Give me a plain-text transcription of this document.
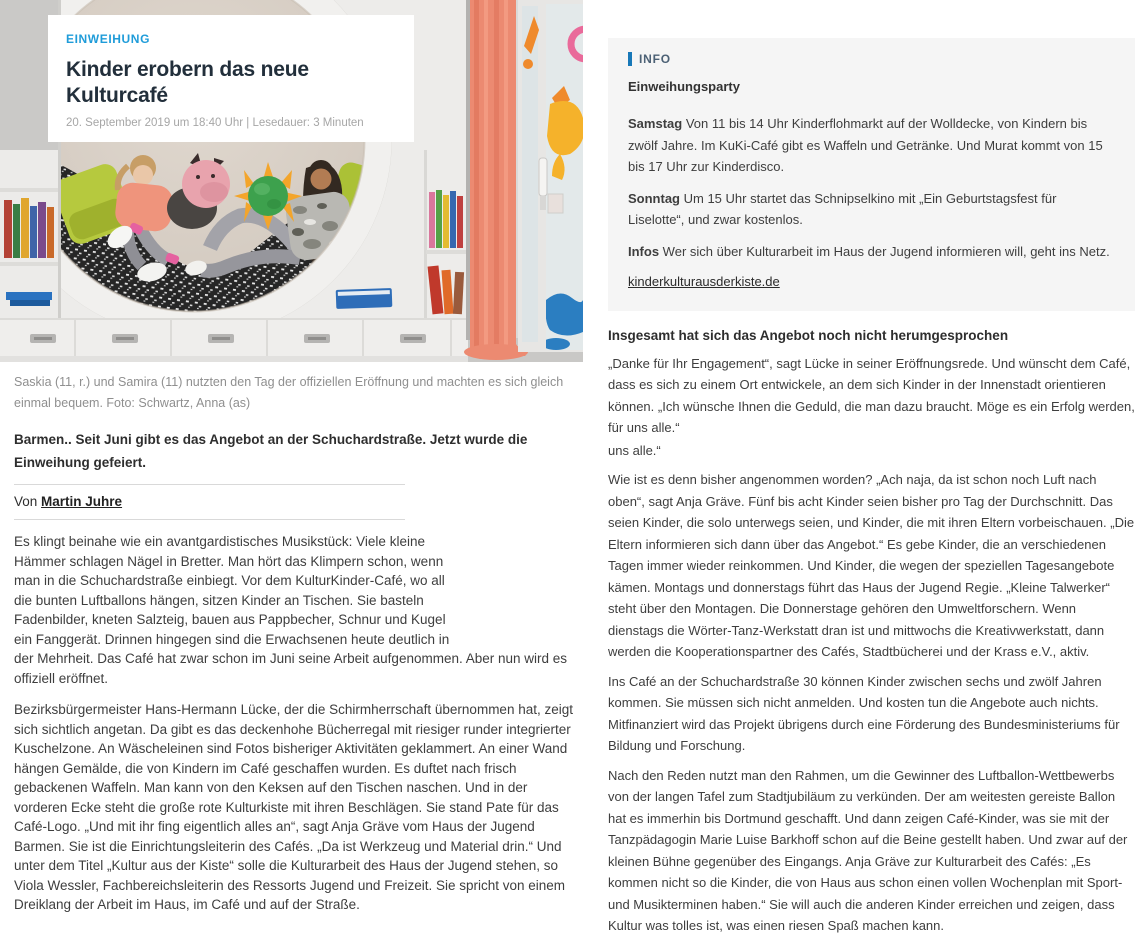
EINWEIHUNG
Kinder erobern das neue Kulturcafé
20. September 2019 um 18:40 Uhr | Lesedauer: 3 Minuten

Saskia (11, r.) und Samira (11) nutzten den Tag der offiziellen Eröffnung und machten es sich gleich einmal bequem. Foto: Schwartz, Anna (as)

Barmen.. Seit Juni gibt es das Angebot an der Schuchardstraße. Jetzt wurde die Einweihung gefeiert.

Von Martin Juhre

Es klingt beinahe wie ein avantgardistisches Musikstück: Viele kleine Hämmer schlagen Nägel in Bretter. Man hört das Klimpern schon, wenn man in die Schuchardstraße einbiegt. Vor dem KulturKinder-Café, wo all die bunten Luftballons hängen, sitzen Kinder an Tischen. Sie basteln Fadenbilder, kneten Salzteig, bauen aus Pappbecher, Schnur und Kugel ein Fanggerät. Drinnen hingegen sind die Erwachsenen heute deutlich in der Mehrheit. Das Café hat zwar schon im Juni seine Arbeit aufgenommen. Aber nun wird es offiziell eröffnet.

Bezirksbürgermeister Hans-Hermann Lücke, der die Schirmherrschaft übernommen hat, zeigt sich sichtlich angetan. Da gibt es das deckenhohe Bücherregal mit riesiger runder integrierter Kuschelzone. An Wäscheleinen sind Fotos bisheriger Aktivitäten geklammert. An einer Wand hängen Gemälde, die von Kindern im Café geschaffen wurden. Es duftet nach frisch gebackenen Waffeln. Man kann von den Keksen auf den Tischen naschen. Und in der vorderen Ecke steht die große rote Kulturkiste mit ihren Beschlägen. Sie stand Pate für das Café-Logo. „Und mit ihr fing eigentlich alles an“, sagt Anja Gräve vom Haus der Jugend Barmen. Sie ist die Einrichtungsleiterin des Cafés. „Da ist Werkzeug und Material drin.“ Und unter dem Titel „Kultur aus der Kiste“ solle die Kulturarbeit des Haus der Jugend stehen, so Viola Wessler, Fachbereichsleiterin des Ressorts Jugend und Freizeit. Sie spricht von einem Dreiklang der Arbeit im Haus, im Café und auf der Straße.

INFO
Einweihungsparty

Samstag Von 11 bis 14 Uhr Kinderflohmarkt auf der Wolldecke, von Kindern bis zwölf Jahre. Im KuKi-Café gibt es Waffeln und Getränke. Und Murat kommt von 15 bis 17 Uhr zur Kinderdisco.

Sonntag Um 15 Uhr startet das Schnipselkino mit „Ein Geburtstagsfest für Liselotte“, und zwar kostenlos.

Infos Wer sich über Kulturarbeit im Haus der Jugend informieren will, geht ins Netz.

kinderkulturausderkiste.de
Insgesamt hat sich das Angebot noch nicht herumgesprochen

„Danke für Ihr Engagement“, sagt Lücke in seiner Eröffnungsrede. Und wünscht dem Café, dass es sich zu einem Ort entwickele, an dem sich Kinder in der Innenstadt orientieren können. „Ich wünsche Ihnen die Geduld, die man dazu braucht. Möge es ein Erfolg werden, für uns alle.“

uns alle.“

Wie ist es denn bisher angenommen worden? „Ach naja, da ist schon noch Luft nach oben“, sagt Anja Gräve. Fünf bis acht Kinder seien bisher pro Tag der Durchschnitt. Das seien Kinder, die solo unterwegs seien, und Kinder, die mit ihren Eltern vorbeischauen. „Die Eltern informieren sich dann über das Angebot.“ Es gebe Kinder, die an verschiedenen Tagen immer wieder reinkommen. Und Kinder, die wegen der speziellen Tagesangebote kämen. Montags und donnerstags führt das Haus der Jugend Regie. „Kleine Talwerker“ steht über den Montagen. Die Donnerstage gehören den Umweltforschern. Wenn dienstags die Wörter-Tanz-Werkstatt dran ist und mittwochs die Kreativwerkstatt, dann werden die Kooperationspartner des Cafés, Stadtbücherei und der Krass e.V., aktiv.

Ins Café an der Schuchardstraße 30 können Kinder zwischen sechs und zwölf Jahren kommen. Sie müssen sich nicht anmelden. Und kosten tun die Angebote auch nichts. Mitfinanziert wird das Projekt übrigens durch eine Förderung des Bundesministeriums für Bildung und Forschung.

Nach den Reden nutzt man den Rahmen, um die Gewinner des Luftballon-Wettbewerbs von der langen Tafel zum Stadtjubiläum zu verkünden. Der am weitesten gereiste Ballon hat es immerhin bis Dortmund geschafft. Und dann zeigen Café-Kinder, was sie mit der Tanzpädagogin Marie Luise Barkhoff schon auf die Beine gestellt haben. Und zwar auf der kleinen Bühne gegenüber des Eingangs. Anja Gräve zur Kulturarbeit des Cafés: „Es kommen nicht so die Kinder, die von Haus aus schon einen vollen Wochenplan mit Sport- und Musikterminen haben.“ Sie will auch die anderen Kinder erreichen und zeigen, dass Kultur was tolles ist, was einen riesen Spaß machen kann.
